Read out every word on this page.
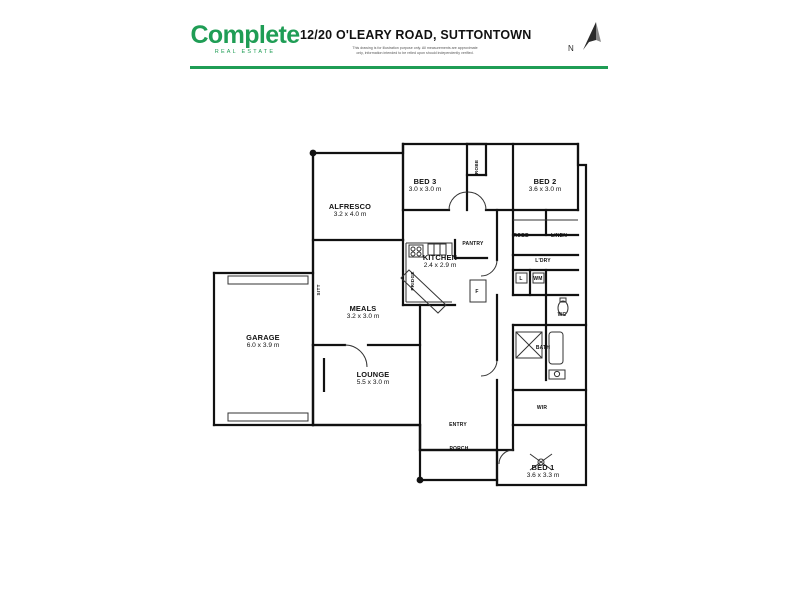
Complete
REAL ESTATE
12/20 O'LEARY ROAD, SUTTONTOWN
This drawing is for illustration purpose only. All measurements are approximate
only, information intended to be relied upon should independently verified.	N
ALFRESCO
3.2 x 4.0 m
BED 3
3.0 x 3.0 m
BED 2
3.6 x 3.0 m
KITCHEN
2.4 x 2.9 m
MEALS
3.2 x 3.0 m
GARAGE
6.0 x 3.9 m
LOUNGE
5.5 x 3.0 m
BED 1
3.6 x 3.3 m
ROBE
PANTRY
FRIDGE
ROBE	LINEN
L'DRY
L	WM
WC
BATH
WIR
ENTRY
PORCH
SITT	F
